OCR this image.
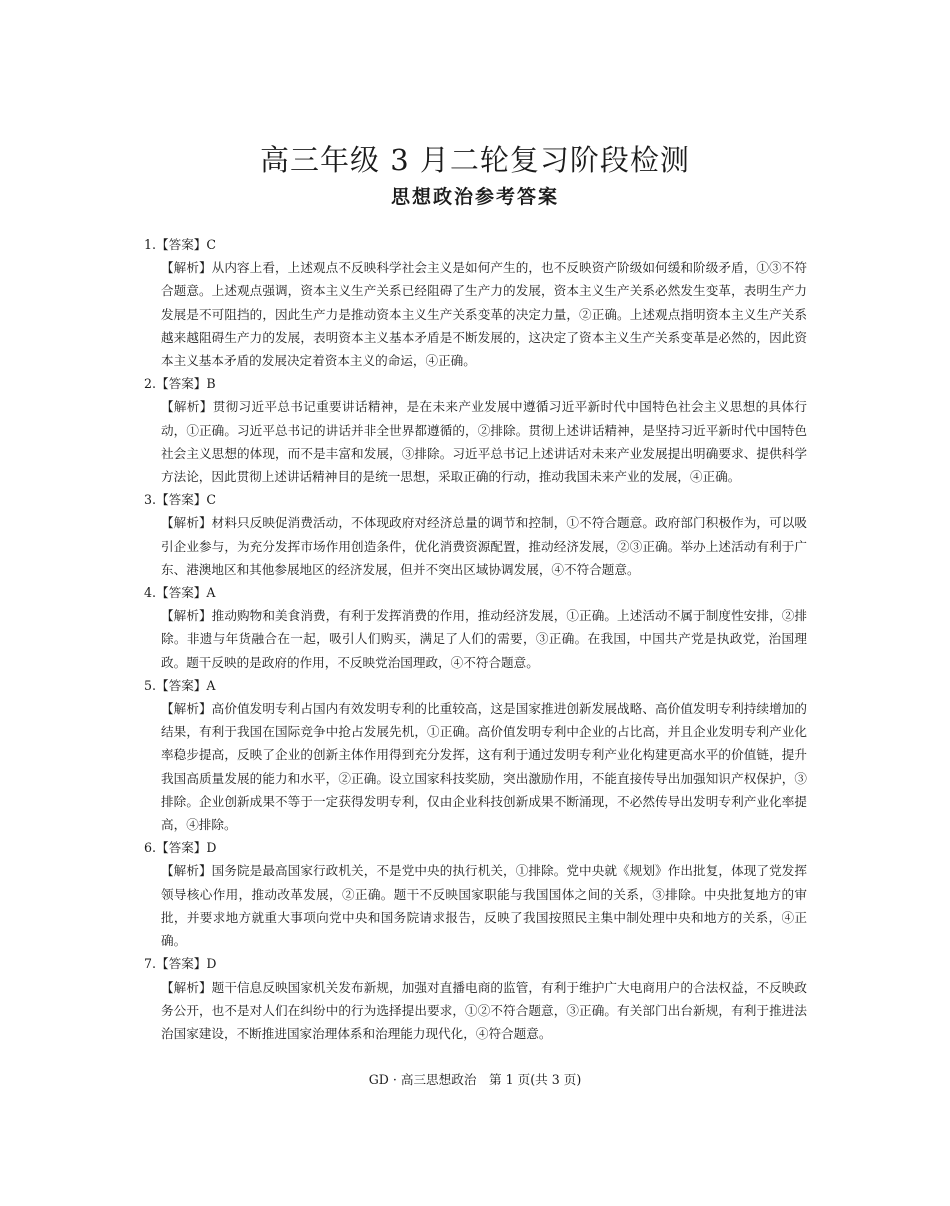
高三年级 3 月二轮复习阶段检测
思想政治参考答案

1.【答案】C

【解析】从内容上看，上述观点不反映科学社会主义是如何产生的，也不反映资产阶级如何缓和阶级矛盾，①③不符合题意。上述观点强调，资本主义生产关系已经阻碍了生产力的发展，资本主义生产关系必然发生变革，表明生产力发展是不可阻挡的，因此生产力是推动资本主义生产关系变革的决定力量，②正确。上述观点指明资本主义生产关系越来越阻碍生产力的发展，表明资本主义基本矛盾是不断发展的，这决定了资本主义生产关系变革是必然的，因此资本主义基本矛盾的发展决定着资本主义的命运，④正确。

2.【答案】B

【解析】贯彻习近平总书记重要讲话精神，是在未来产业发展中遵循习近平新时代中国特色社会主义思想的具体行动，①正确。习近平总书记的讲话并非全世界都遵循的，②排除。贯彻上述讲话精神，是坚持习近平新时代中国特色社会主义思想的体现，而不是丰富和发展，③排除。习近平总书记上述讲话对未来产业发展提出明确要求、提供科学方法论，因此贯彻上述讲话精神目的是统一思想，采取正确的行动，推动我国未来产业的发展，④正确。

3.【答案】C

【解析】材料只反映促消费活动，不体现政府对经济总量的调节和控制，①不符合题意。政府部门积极作为，可以吸引企业参与，为充分发挥市场作用创造条件，优化消费资源配置，推动经济发展，②③正确。举办上述活动有利于广东、港澳地区和其他参展地区的经济发展，但并不突出区域协调发展，④不符合题意。

4.【答案】A

【解析】推动购物和美食消费，有利于发挥消费的作用，推动经济发展，①正确。上述活动不属于制度性安排，②排除。非遗与年货融合在一起，吸引人们购买，满足了人们的需要，③正确。在我国，中国共产党是执政党，治国理政。题干反映的是政府的作用，不反映党治国理政，④不符合题意。

5.【答案】A

【解析】高价值发明专利占国内有效发明专利的比重较高，这是国家推进创新发展战略、高价值发明专利持续增加的结果，有利于我国在国际竞争中抢占发展先机，①正确。高价值发明专利中企业的占比高，并且企业发明专利产业化率稳步提高，反映了企业的创新主体作用得到充分发挥，这有利于通过发明专利产业化构建更高水平的价值链，提升我国高质量发展的能力和水平，②正确。设立国家科技奖励，突出激励作用，不能直接传导出加强知识产权保护，③排除。企业创新成果不等于一定获得发明专利，仅由企业科技创新成果不断涌现，不必然传导出发明专利产业化率提高，④排除。

6.【答案】D

【解析】国务院是最高国家行政机关，不是党中央的执行机关，①排除。党中央就《规划》作出批复，体现了党发挥领导核心作用，推动改革发展，②正确。题干不反映国家职能与我国国体之间的关系，③排除。中央批复地方的审批，并要求地方就重大事项向党中央和国务院请求报告，反映了我国按照民主集中制处理中央和地方的关系，④正确。

7.【答案】D

【解析】题干信息反映国家机关发布新规，加强对直播电商的监管，有利于维护广大电商用户的合法权益，不反映政务公开，也不是对人们在纠纷中的行为选择提出要求，①②不符合题意，③正确。有关部门出台新规，有利于推进法治国家建设，不断推进国家治理体系和治理能力现代化，④符合题意。

GD · 高三思想政治　第 1 页(共 3 页)
